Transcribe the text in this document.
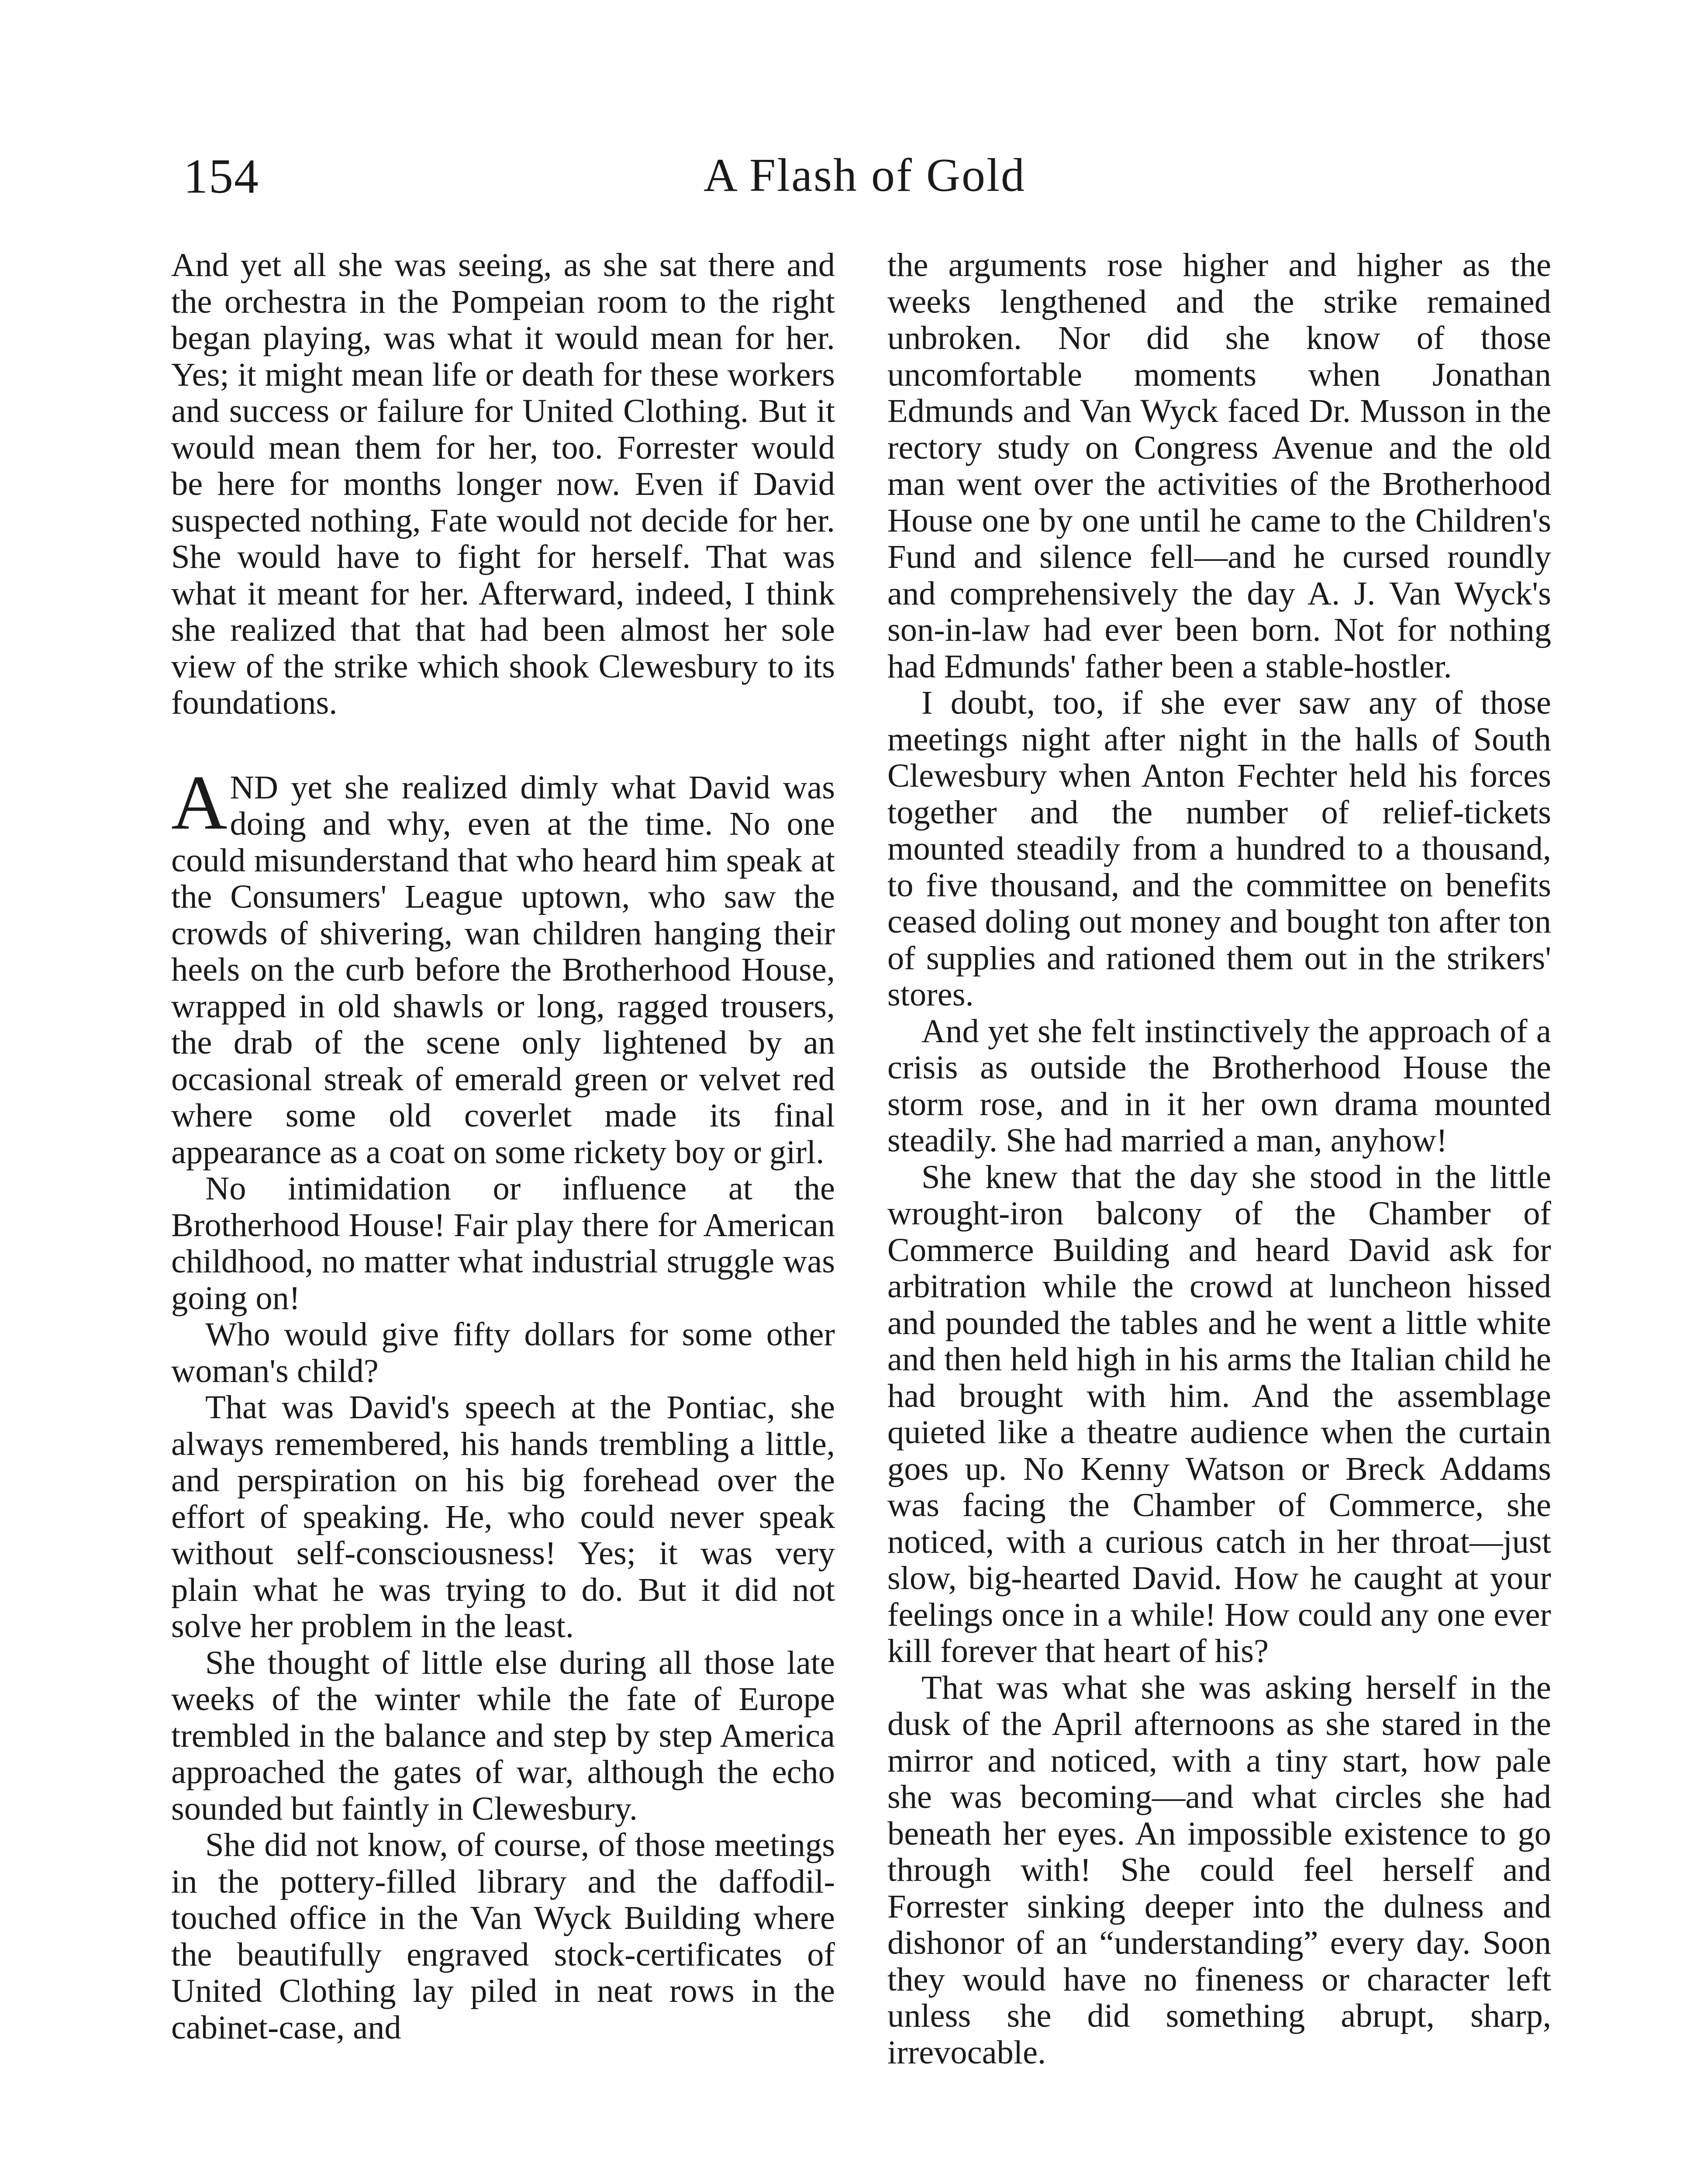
154	A Flash of Gold

And yet all she was seeing, as she sat there and the orchestra in the Pompeian room to the right began playing, was what it would mean for her. Yes; it might mean life or death for these workers and success or failure for United Clothing. But it would mean them for her, too. Forrester would be here for months longer now. Even if David suspected nothing, Fate would not decide for her. She would have to fight for herself. That was what it meant for her. Afterward, indeed, I think she realized that that had been almost her sole view of the strike which shook Clewesbury to its foundations.

AND yet she realized dimly what David was doing and why, even at the time. No one could misunderstand that who heard him speak at the Consumers' League uptown, who saw the crowds of shivering, wan children hanging their heels on the curb before the Brotherhood House, wrapped in old shawls or long, ragged trousers, the drab of the scene only lightened by an occasional streak of emerald green or velvet red where some old coverlet made its final appearance as a coat on some rickety boy or girl.

No intimidation or influence at the Brotherhood House! Fair play there for American childhood, no matter what industrial struggle was going on!

Who would give fifty dollars for some other woman's child?

That was David's speech at the Pontiac, she always remembered, his hands trembling a little, and perspiration on his big forehead over the effort of speaking. He, who could never speak without self-consciousness! Yes; it was very plain what he was trying to do. But it did not solve her problem in the least.

She thought of little else during all those late weeks of the winter while the fate of Europe trembled in the balance and step by step America approached the gates of war, although the echo sounded but faintly in Clewesbury.

She did not know, of course, of those meetings in the pottery-filled library and the daffodil-touched office in the Van Wyck Building where the beautifully engraved stock-certificates of United Clothing lay piled in neat rows in the cabinet-case, and

the arguments rose higher and higher as the weeks lengthened and the strike remained unbroken. Nor did she know of those uncomfortable moments when Jonathan Edmunds and Van Wyck faced Dr. Musson in the rectory study on Congress Avenue and the old man went over the activities of the Brotherhood House one by one until he came to the Children's Fund and silence fell—and he cursed roundly and comprehensively the day A. J. Van Wyck's son-in-law had ever been born. Not for nothing had Edmunds' father been a stable-hostler.

I doubt, too, if she ever saw any of those meetings night after night in the halls of South Clewesbury when Anton Fechter held his forces together and the number of relief-tickets mounted steadily from a hundred to a thousand, to five thousand, and the committee on benefits ceased doling out money and bought ton after ton of supplies and rationed them out in the strikers' stores.

And yet she felt instinctively the approach of a crisis as outside the Brotherhood House the storm rose, and in it her own drama mounted steadily. She had married a man, anyhow!

She knew that the day she stood in the little wrought-iron balcony of the Chamber of Commerce Building and heard David ask for arbitration while the crowd at luncheon hissed and pounded the tables and he went a little white and then held high in his arms the Italian child he had brought with him. And the assemblage quieted like a theatre audience when the curtain goes up. No Kenny Watson or Breck Addams was facing the Chamber of Commerce, she noticed, with a curious catch in her throat—just slow, big-hearted David. How he caught at your feelings once in a while! How could any one ever kill forever that heart of his?

That was what she was asking herself in the dusk of the April afternoons as she stared in the mirror and noticed, with a tiny start, how pale she was becoming—and what circles she had beneath her eyes. An impossible existence to go through with! She could feel herself and Forrester sinking deeper into the dulness and dishonor of an “understanding” every day. Soon they would have no fineness or character left unless she did something abrupt, sharp, irrevocable.
